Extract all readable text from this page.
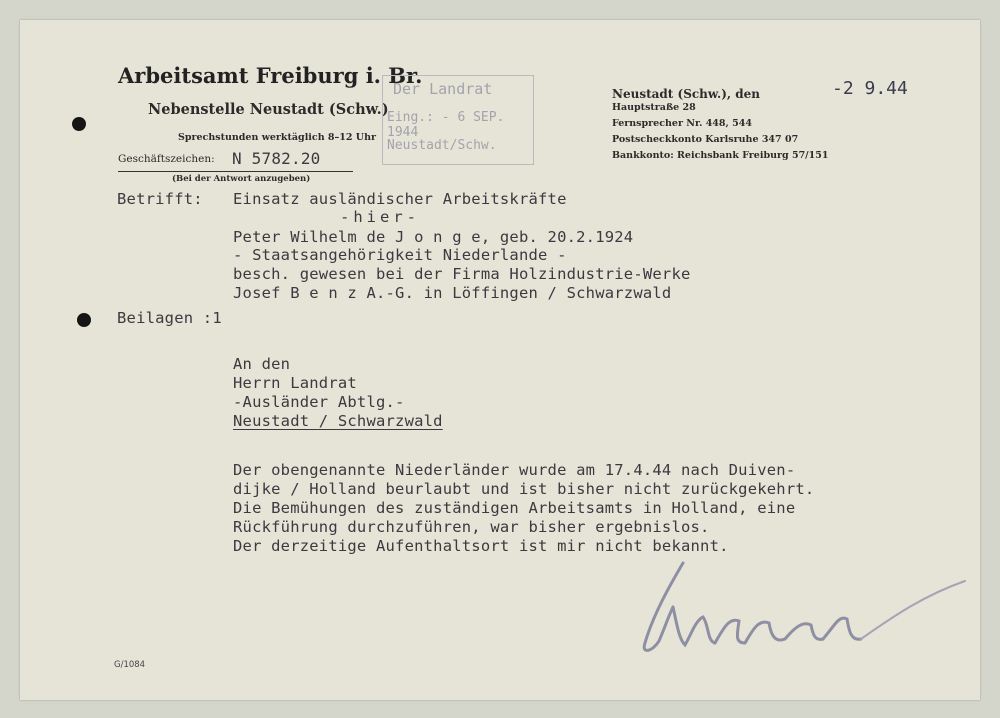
Arbeitsamt Freiburg i. Br.
Nebenstelle Neustadt (Schw.)
Sprechstunden werktäglich 8–12 Uhr
Geschäftszeichen: N 5782.20
(Bei der Antwort anzugeben)
Der Landrat
Eing.: - 6 SEP. 1944
Neustadt/Schw.
Neustadt (Schw.), den	-2 9.44
Hauptstraße 28
Fernsprecher Nr. 448, 544
Postscheckkonto Karlsruhe 347 07
Bankkonto: Reichsbank Freiburg 57/151
Betrifft: Einsatz ausländischer Arbeitskräfte
-hier-
Peter Wilhelm de J o n g e, geb. 20.2.1924
- Staatsangehörigkeit Niederlande -
besch. gewesen bei der Firma Holzindustrie-Werke
Josef B e n z A.-G. in Löffingen / Schwarzwald
Beilagen :1
An den
Herrn Landrat
-Ausländer Abtlg.-
Neustadt / Schwarzwald
Der obengenannte Niederländer wurde am 17.4.44 nach Duiven-
dijke / Holland beurlaubt und ist bisher nicht zurückgekehrt.
Die Bemühungen des zuständigen Arbeitsamts in Holland, eine
Rückführung durchzuführen, war bisher ergebnislos.
Der derzeitige Aufenthaltsort ist mir nicht bekannt.
G/1084
